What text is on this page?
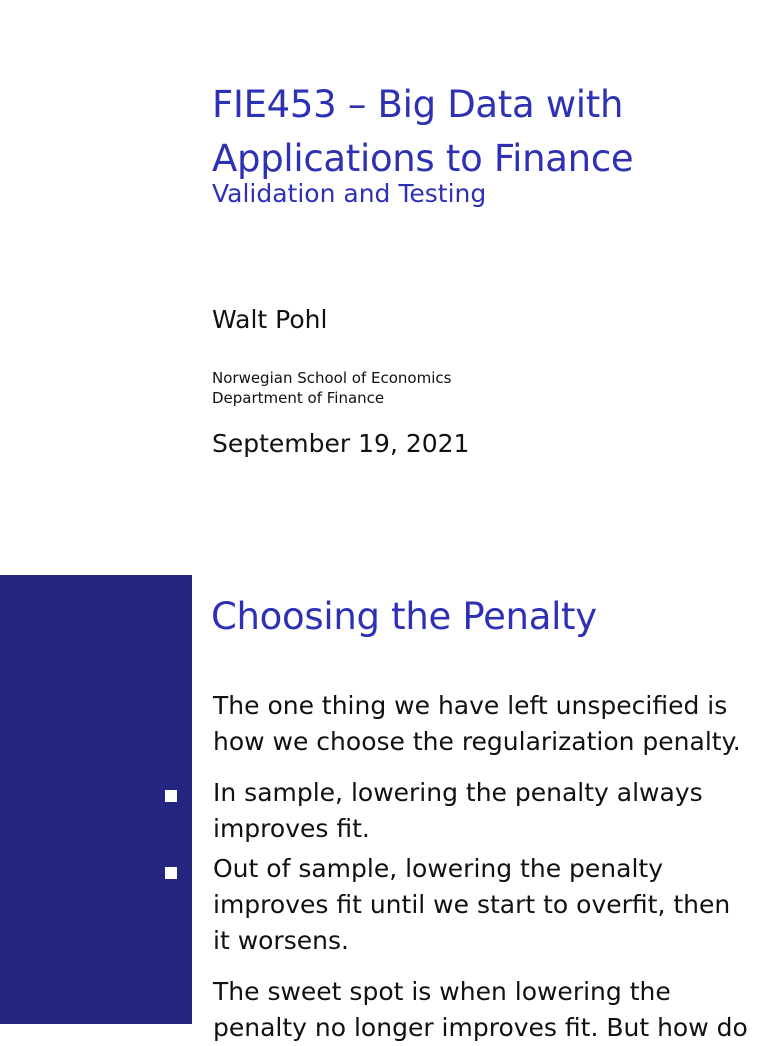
FIE453 – Big Data with
Applications to Finance
Validation and Testing
Walt Pohl
Norwegian School of Economics
Department of Finance
September 19, 2021
Choosing the Penalty
The one thing we have left unspecified is
how we choose the regularization penalty.
In sample, lowering the penalty always
improves fit.
Out of sample, lowering the penalty
improves fit until we start to overfit, then
it worsens.
The sweet spot is when lowering the
penalty no longer improves fit. But how do
